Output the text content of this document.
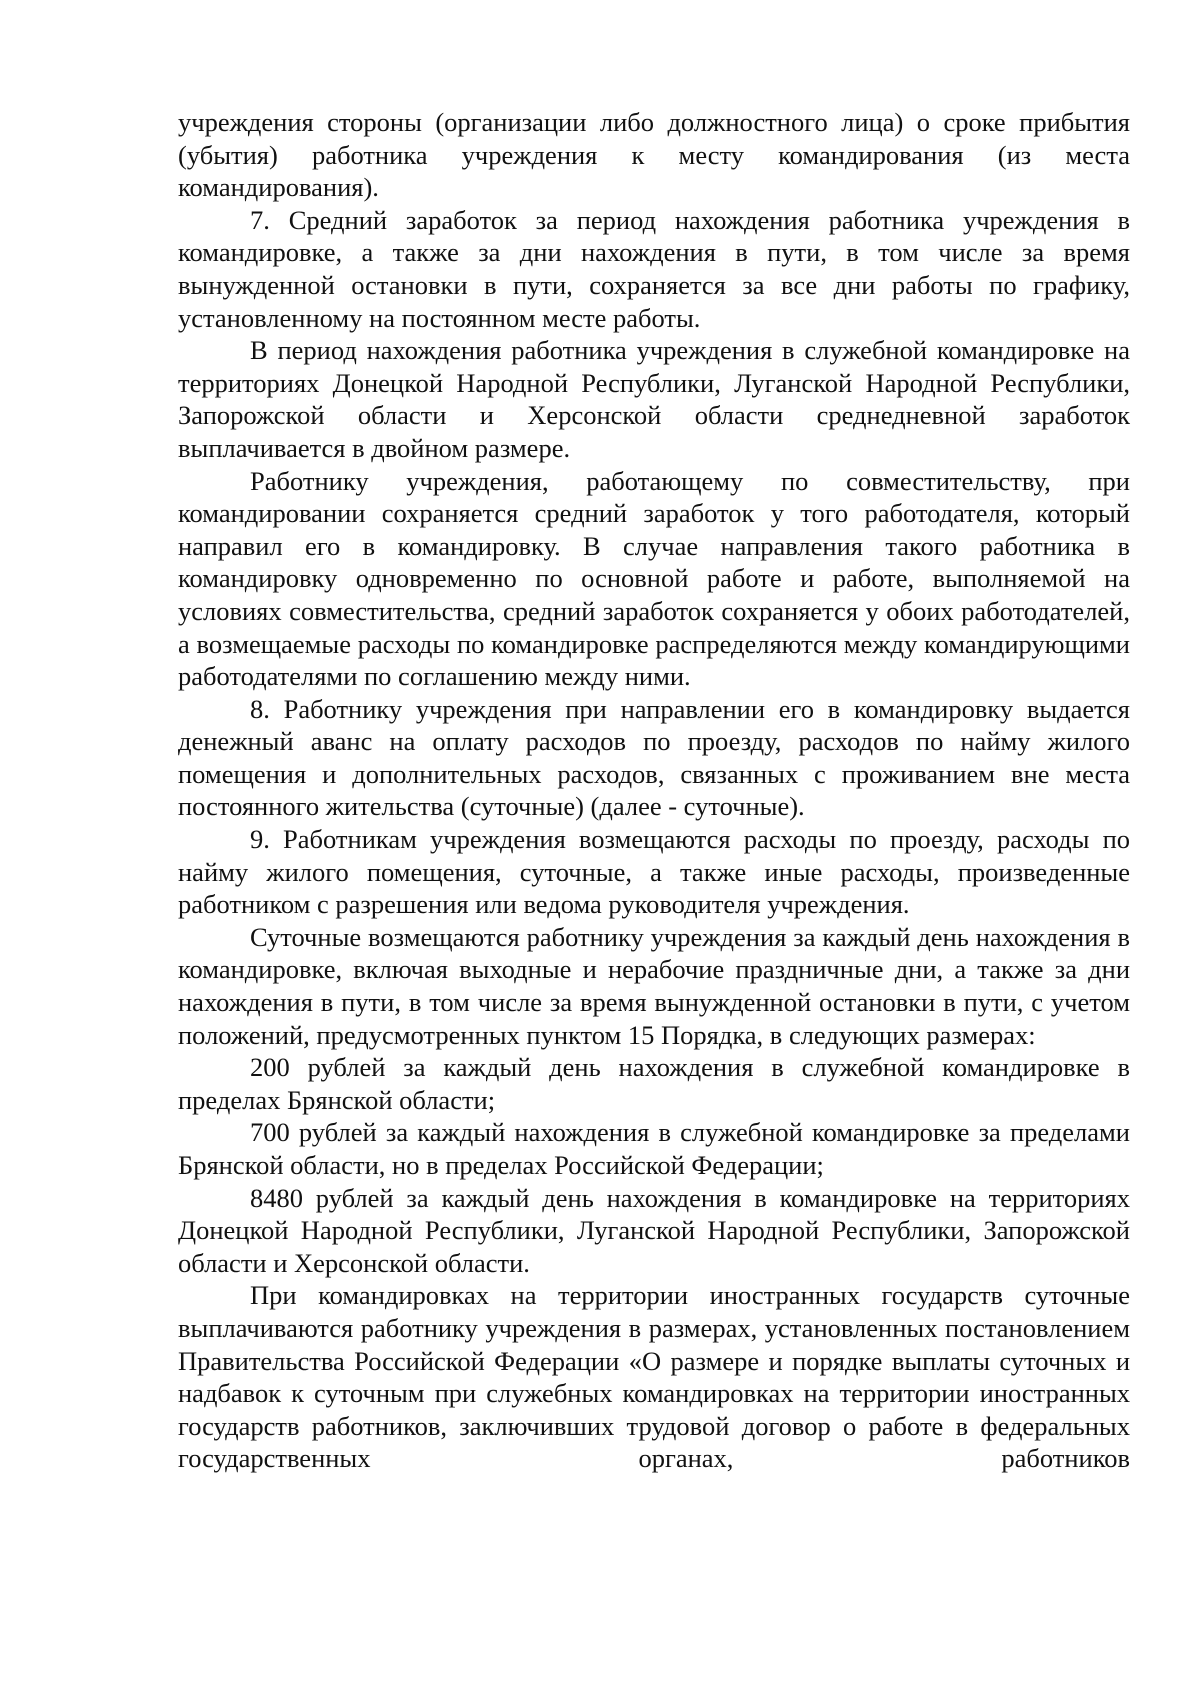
учреждения стороны (организации либо должностного лица) о сроке прибытия (убытия) работника учреждения к месту командирования (из места командирования).

7. Средний заработок за период нахождения работника учреждения в командировке, а также за дни нахождения в пути, в том числе за время вынужденной остановки в пути, сохраняется за все дни работы по графику, установленному на постоянном месте работы.

В период нахождения работника учреждения в служебной командировке на территориях Донецкой Народной Республики, Луганской Народной Республики, Запорожской области и Херсонской области среднедневной заработок выплачивается в двойном размере.

Работнику учреждения, работающему по совместительству, при командировании сохраняется средний заработок у того работодателя, который направил его в командировку. В случае направления такого работника в командировку одновременно по основной работе и работе, выполняемой на условиях совместительства, средний заработок сохраняется у обоих работодателей, а возмещаемые расходы по командировке распределяются между командирующими работодателями по соглашению между ними.

8. Работнику учреждения при направлении его в командировку выдается денежный аванс на оплату расходов по проезду, расходов по найму жилого помещения и дополнительных расходов, связанных с проживанием вне места постоянного жительства (суточные) (далее - суточные).

9. Работникам учреждения возмещаются расходы по проезду, расходы по найму жилого помещения, суточные, а также иные расходы, произведенные работником с разрешения или ведома руководителя учреждения.

Суточные возмещаются работнику учреждения за каждый день нахождения в командировке, включая выходные и нерабочие праздничные дни, а также за дни нахождения в пути, в том числе за время вынужденной остановки в пути, с учетом положений, предусмотренных пунктом 15 Порядка, в следующих размерах:

200 рублей за каждый день нахождения в служебной командировке в пределах Брянской области;

700 рублей за каждый нахождения в служебной командировке за пределами Брянской области, но в пределах Российской Федерации;

8480 рублей за каждый день нахождения в командировке на территориях Донецкой Народной Республики, Луганской Народной Республики, Запорожской области и Херсонской области.

При командировках на территории иностранных государств суточные выплачиваются работнику учреждения в размерах, установленных постановлением Правительства Российской Федерации «О размере и порядке выплаты суточных и надбавок к суточным при служебных командировках на территории иностранных государств работников, заключивших трудовой договор о работе в федеральных государственных органах, работников
